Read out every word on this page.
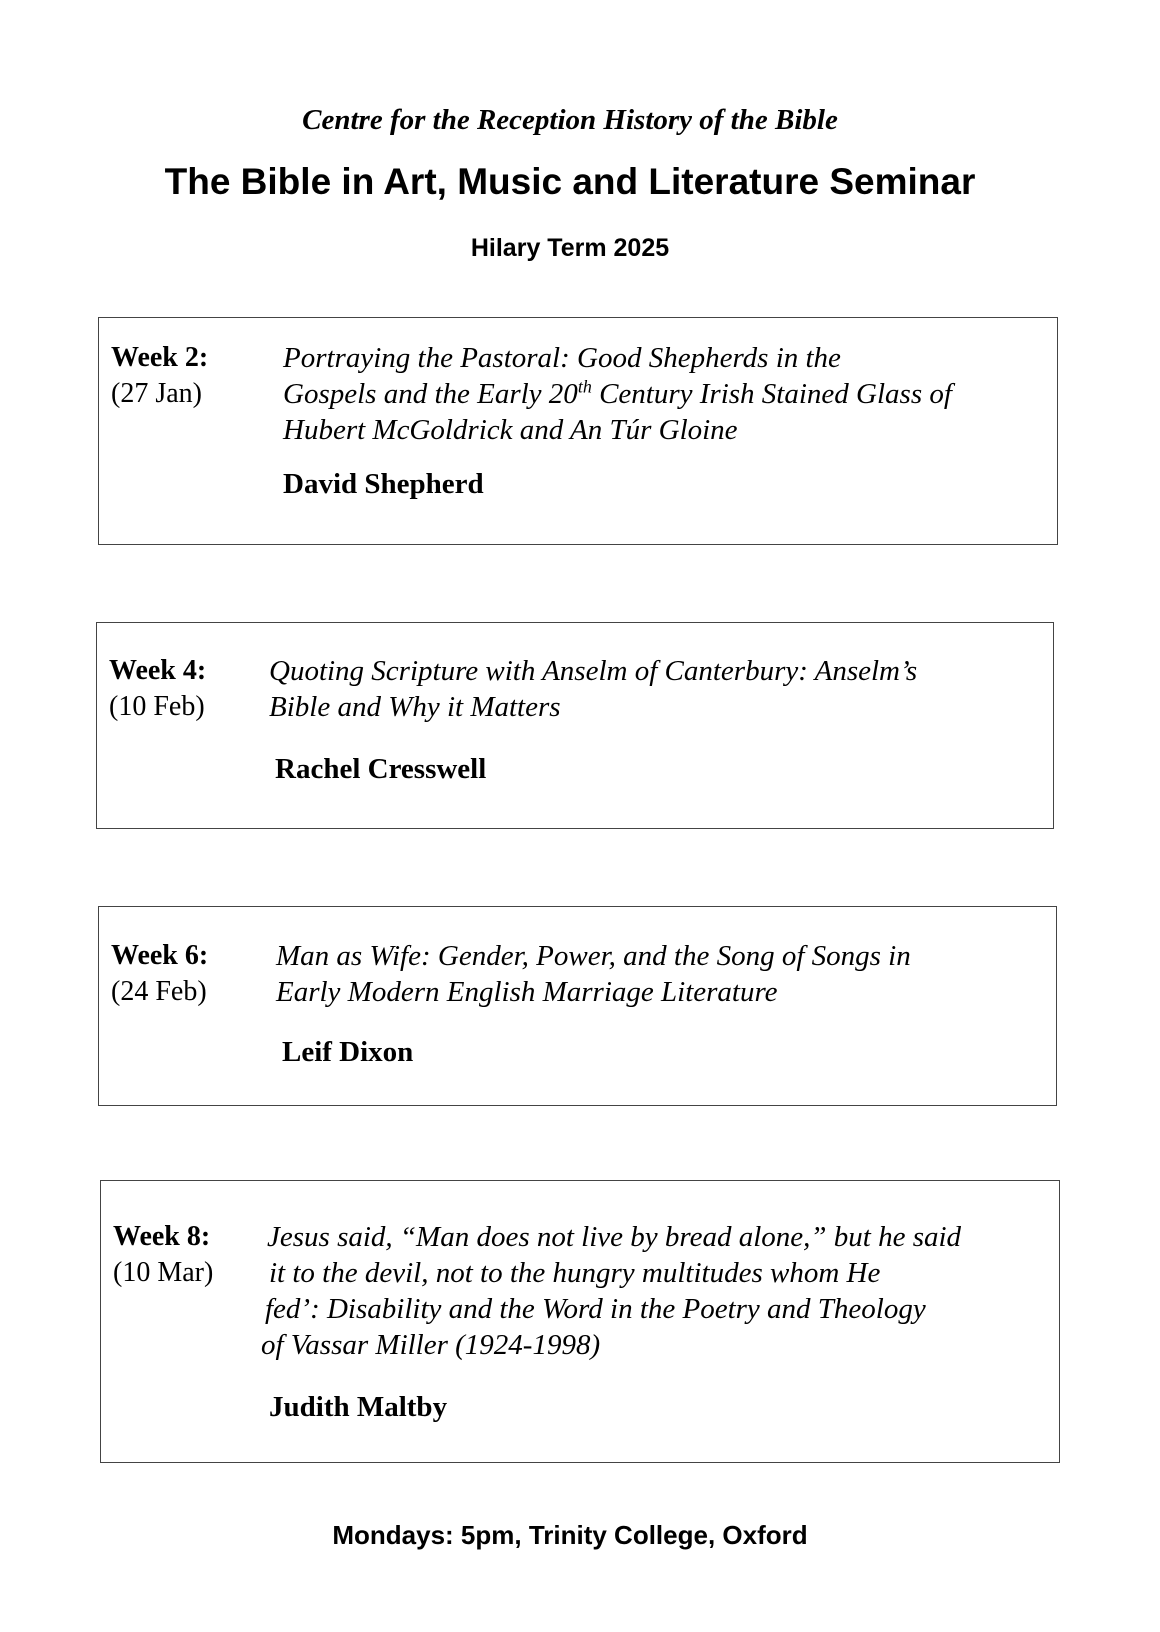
Centre for the Reception History of the Bible
The Bible in Art, Music and Literature Seminar
Hilary Term 2025
Week 2:
(27 Jan)
Portraying the Pastoral: Good Shepherds in the
Gospels and the Early 20th Century Irish Stained Glass of
Hubert McGoldrick and An Túr Gloine
David Shepherd
Week 4:
(10 Feb)
Quoting Scripture with Anselm of Canterbury: Anselm’s
Bible and Why it Matters
Rachel Cresswell
Week 6:
(24 Feb)
Man as Wife: Gender, Power, and the Song of Songs in
Early Modern English Marriage Literature
Leif Dixon
Week 8:
(10 Mar)
Jesus said, “Man does not live by bread alone,” but he said
it to the devil, not to the hungry multitudes whom He
fed’: Disability and the Word in the Poetry and Theology
of Vassar Miller (1924-1998)
Judith Maltby
Mondays: 5pm, Trinity College, Oxford
